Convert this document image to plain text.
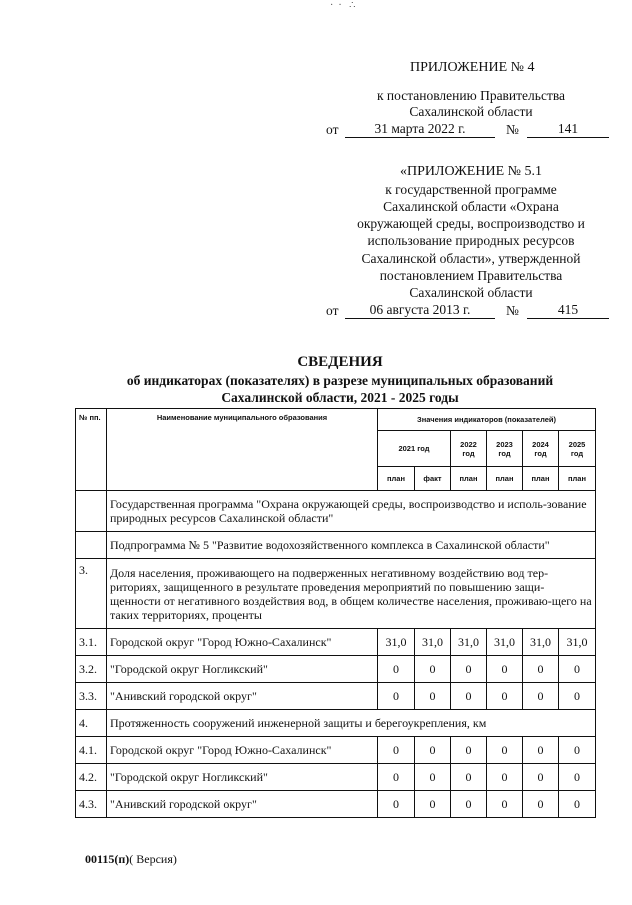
·  ·   ∴
ПРИЛОЖЕНИЕ № 4
к постановлению Правительства
Сахалинской области
от	31 марта 2022 г.	№	141
«ПРИЛОЖЕНИЕ № 5.1
к государственной программе
Сахалинской области «Охрана
окружающей среды, воспроизводство и
использование природных ресурсов
Сахалинской области», утвержденной
постановлением Правительства
Сахалинской области
от	06 августа 2013 г.	№	415
СВЕДЕНИЯ
об индикаторах (показателях) в разрезе муниципальных образований
Сахалинской области, 2021 - 2025 годы
№ пп.	Наименование муниципального образования	Значения индикаторов (показателей)					
		2021 год		2022 год	2023 год	2024 год	2025 год
		план	факт	план	план	план	план
	Государственная программа "Охрана окружающей среды, воспроизводство и исполь-зование природных ресурсов Сахалинской области"						
	Подпрограмма № 5 "Развитие водохозяйственного комплекса в Сахалинской области"						
3.	Доля населения, проживающего на подверженных негативному воздействию вод тер-риториях, защищенного в результате проведения мероприятий по повышению защи-щенности от негативного воздействия вод, в общем количестве населения, проживаю-щего на таких территориях, проценты						
3.1.	Городской округ "Город Южно-Сахалинск"	31,0	31,0	31,0	31,0	31,0	31,0
3.2.	"Городской округ Ногликский"	0	0	0	0	0	0
3.3.	"Анивский городской округ"	0	0	0	0	0	0
4.	Протяженность сооружений инженерной защиты и берегоукрепления, км						
4.1.	Городской округ "Город Южно-Сахалинск"	0	0	0	0	0	0
4.2.	"Городской округ Ногликский"	0	0	0	0	0	0
4.3.	"Анивский городской округ"	0	0	0	0	0	0
00115(п)( Версия)
